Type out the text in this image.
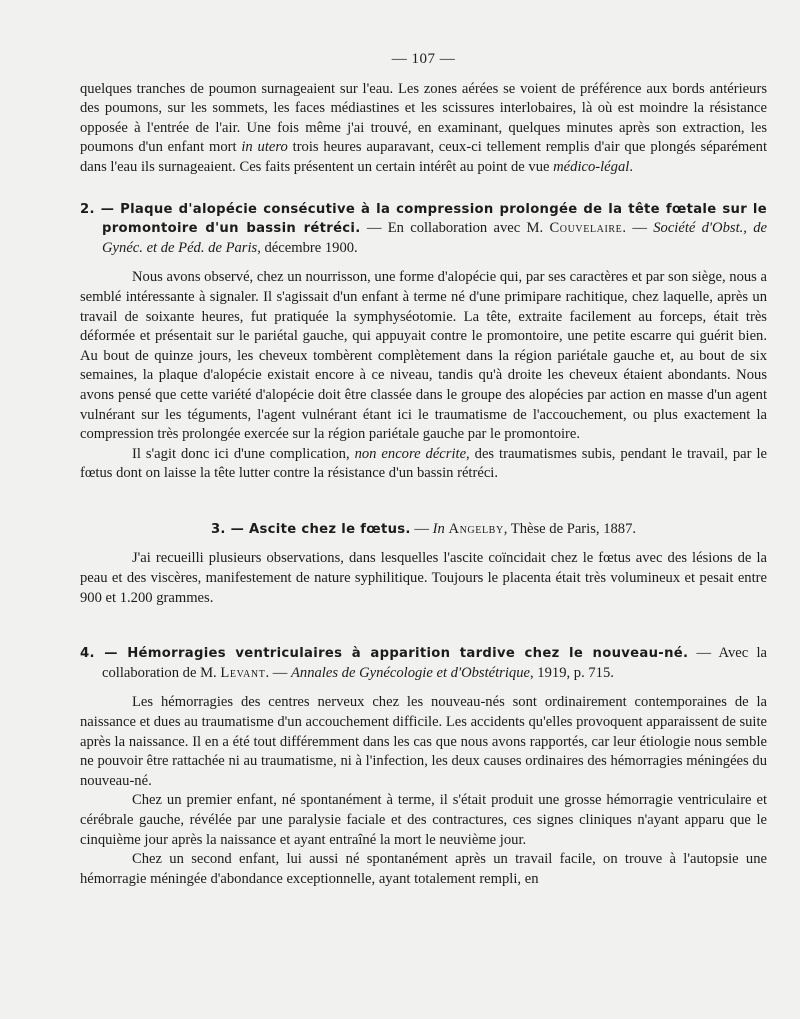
— 107 —

quelques tranches de poumon surnageaient sur l'eau. Les zones aérées se voient de préférence aux bords antérieurs des poumons, sur les sommets, les faces médiastines et les scissures interlobaires, là où est moindre la résistance opposée à l'entrée de l'air. Une fois même j'ai trouvé, en examinant, quelques minutes après son extraction, les poumons d'un enfant mort in utero trois heures auparavant, ceux-ci tellement remplis d'air que plongés séparément dans l'eau ils surnageaient. Ces faits présentent un certain intérêt au point de vue médico-légal.

2. — Plaque d'alopécie consécutive à la compression prolongée de la tête fœtale sur le promontoire d'un bassin rétréci. — En collaboration avec M. Couvelaire. — Société d'Obst., de Gynéc. et de Péd. de Paris, décembre 1900.

Nous avons observé, chez un nourrisson, une forme d'alopécie qui, par ses caractères et par son siège, nous a semblé intéressante à signaler. Il s'agissait d'un enfant à terme né d'une primipare rachitique, chez laquelle, après un travail de soixante heures, fut pratiquée la symphyséotomie. La tête, extraite facilement au forceps, était très déformée et présentait sur le pariétal gauche, qui appuyait contre le promontoire, une petite escarre qui guérit bien. Au bout de quinze jours, les cheveux tombèrent complètement dans la région pariétale gauche et, au bout de six semaines, la plaque d'alopécie existait encore à ce niveau, tandis qu'à droite les cheveux étaient abondants. Nous avons pensé que cette variété d'alopécie doit être classée dans le groupe des alopécies par action en masse d'un agent vulnérant sur les téguments, l'agent vulnérant étant ici le traumatisme de l'accouchement, ou plus exactement la compression très prolongée exercée sur la région pariétale gauche par le promontoire.

Il s'agit donc ici d'une complication, non encore décrite, des traumatismes subis, pendant le travail, par le fœtus dont on laisse la tête lutter contre la résistance d'un bassin rétréci.

3. — Ascite chez le fœtus. — In Angelby, Thèse de Paris, 1887.

J'ai recueilli plusieurs observations, dans lesquelles l'ascite coïncidait chez le fœtus avec des lésions de la peau et des viscères, manifestement de nature syphilitique. Toujours le placenta était très volumineux et pesait entre 900 et 1.200 grammes.

4. — Hémorragies ventriculaires à apparition tardive chez le nouveau-né. — Avec la collaboration de M. Levant. — Annales de Gynécologie et d'Obstétrique, 1919, p. 715.

Les hémorragies des centres nerveux chez les nouveau-nés sont ordinairement contemporaines de la naissance et dues au traumatisme d'un accouchement difficile. Les accidents qu'elles provoquent apparaissent de suite après la naissance. Il en a été tout différemment dans les cas que nous avons rapportés, car leur étiologie nous semble ne pouvoir être rattachée ni au traumatisme, ni à l'infection, les deux causes ordinaires des hémorragies méningées du nouveau-né.

Chez un premier enfant, né spontanément à terme, il s'était produit une grosse hémorragie ventriculaire et cérébrale gauche, révélée par une paralysie faciale et des contractures, ces signes cliniques n'ayant apparu que le cinquième jour après la naissance et ayant entraîné la mort le neuvième jour.

Chez un second enfant, lui aussi né spontanément après un travail facile, on trouve à l'autopsie une hémorragie méningée d'abondance exceptionnelle, ayant totalement rempli, en
